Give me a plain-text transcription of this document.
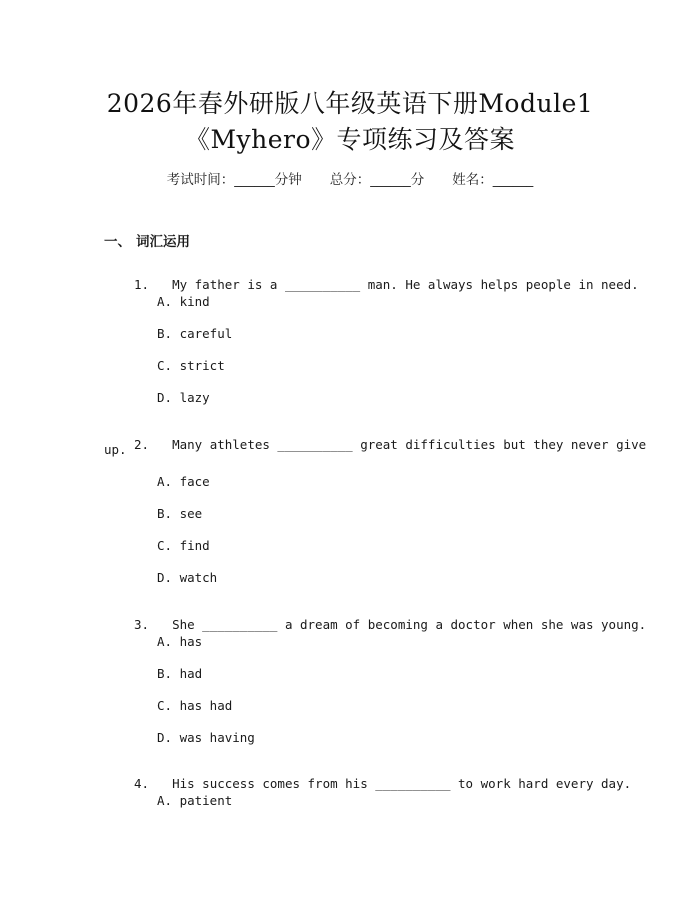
2026年春外研版八年级英语下册Module1
《Myhero》专项练习及答案
考试时间：______分钟 总分：______分 姓名：______
一、 词汇运用

1. My father is a __________ man. He always helps people in need.

A. kind
B. careful
C. strict
D. lazy

2. Many athletes __________ great difficulties but they never give

up.
A. face
B. see
C. find
D. watch

3. She __________ a dream of becoming a doctor when she was young.

A. has
B. had
C. has had
D. was having

4. His success comes from his __________ to work hard every day.

A. patient
